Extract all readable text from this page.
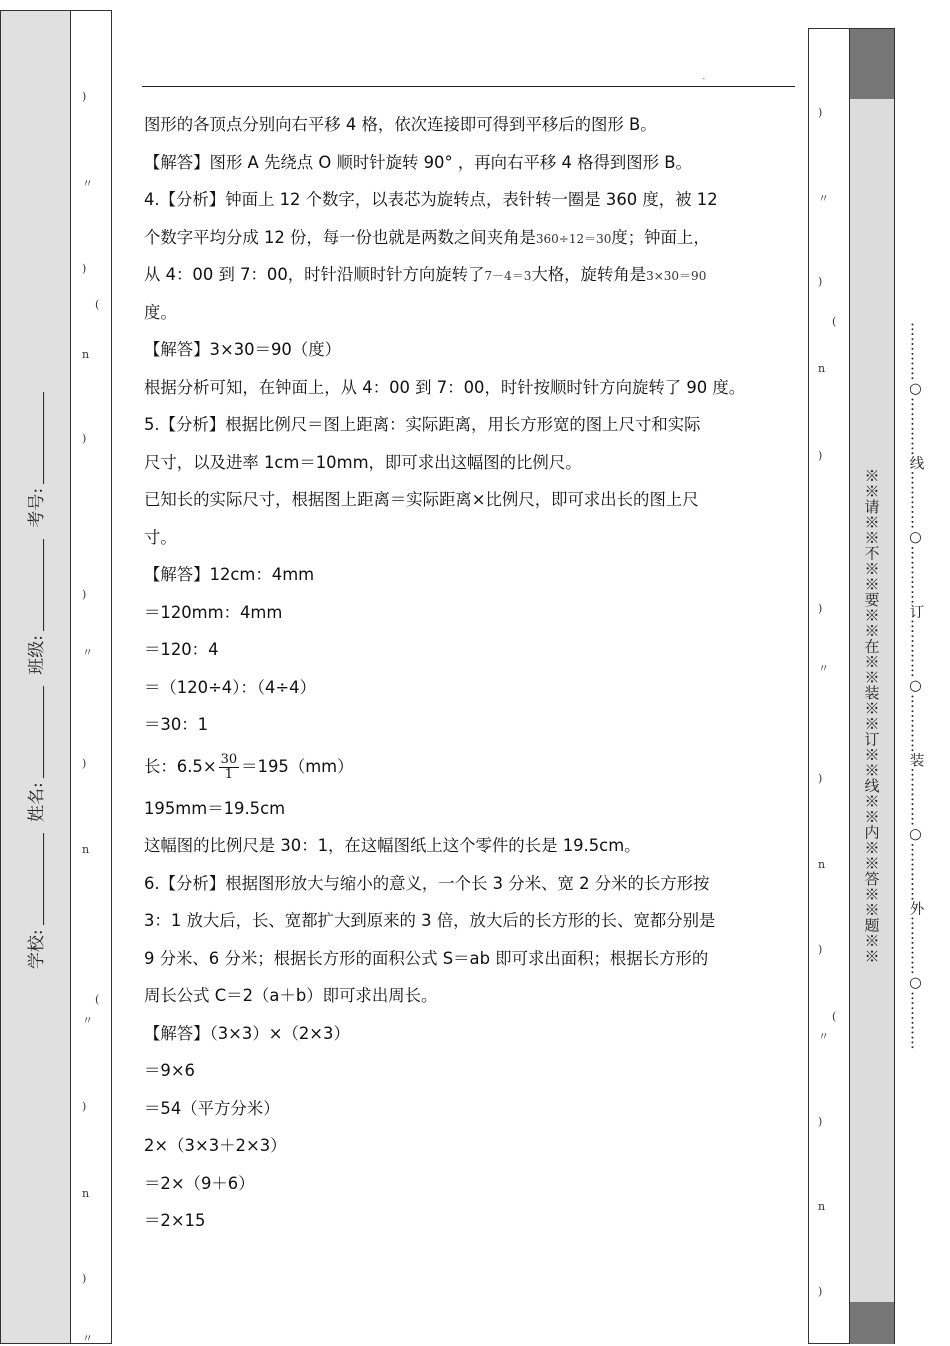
学校: 姓名: 班级: 考号:
)
〃
)
(
n
)
)
〃
)
n
(
〃
)
n
)
〃
-
图形的各顶点分别向右平移 4 格，依次连接即可得到平移后的图形 B。
【解答】图形 A 先绕点 O 顺时针旋转 90° ，再向右平移 4 格得到图形 B。
4.【分析】钟面上 12 个数字，以表芯为旋转点，表针转一圈是 360 度，被 12
个数字平均分成 12 份，每一份也就是两数之间夹角是360÷12＝30度；钟面上，
从 4：00 到 7：00，时针沿顺时针方向旋转了7－4＝3大格，旋转角是3×30＝90
度。
【解答】3×30＝90（度）
根据分析可知，在钟面上，从 4：00 到 7：00，时针按顺时针方向旋转了 90 度。
5.【分析】根据比例尺＝图上距离：实际距离，用长方形宽的图上尺寸和实际
尺寸，以及进率 1cm＝10mm，即可求出这幅图的比例尺。
已知长的实际尺寸，根据图上距离＝实际距离×比例尺，即可求出长的图上尺
寸。
【解答】12cm：4mm
＝120mm：4mm
＝120：4
＝（120÷4）：（4÷4）
＝30：1
长：$6.5\times \frac{30}{1} =195(mm)$
195mm＝19.5cm
这幅图的比例尺是 30：1，在这幅图纸上这个零件的长是 19.5cm。
6.【分析】根据图形放大与缩小的意义，一个长 3 分米、宽 2 分米的长方形按
3：1 放大后，长、宽都扩大到原来的 3 倍，放大后的长方形的长、宽都分别是
9 分米、6 分米；根据长方形的面积公式 S＝ab 即可求出面积；根据长方形的
周长公式 C＝2（a＋b）即可求出周长。
【解答】（3×3）×（2×3）
＝9×6
＝54（平方分米）
2×（3×3＋2×3）
＝2×（9＋6）
＝2×15
※※请※※不※※要※※在※※装※※订※※线※※内※※答※※题※※ …………○…………线…………○…………订…………○…………装…………○…………外…………○…………
)
〃
)
(
n
)
)
〃
)
n
)
(
〃
)
n
)
